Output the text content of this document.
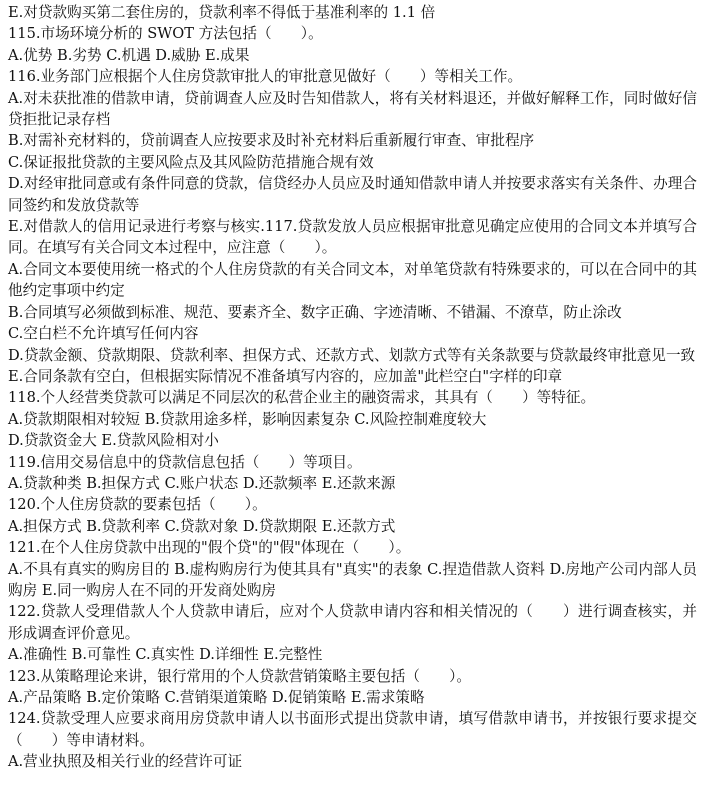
E.对贷款购买第二套住房的，贷款利率不得低于基准利率的 1.1 倍

115.市场环境分析的 SWOT 方法包括（　　）。

A.优势 B.劣势 C.机遇 D.威胁 E.成果

116.业务部门应根据个人住房贷款审批人的审批意见做好（　　）等相关工作。

A.对未获批准的借款申请，贷前调查人应及时告知借款人，将有关材料退还，并做好解释工作，同时做好信贷拒批记录存档

B.对需补充材料的，贷前调查人应按要求及时补充材料后重新履行审查、审批程序

C.保证报批贷款的主要风险点及其风险防范措施合规有效

D.对经审批同意或有条件同意的贷款，信贷经办人员应及时通知借款申请人并按要求落实有关条件、办理合同签约和发放贷款等

E.对借款人的信用记录进行考察与核实.117.贷款发放人员应根据审批意见确定应使用的合同文本并填写合同。在填写有关合同文本过程中，应注意（　　）。

A.合同文本要使用统一格式的个人住房贷款的有关合同文本，对单笔贷款有特殊要求的，可以在合同中的其他约定事项中约定

B.合同填写必须做到标准、规范、要素齐全、数字正确、字迹清晰、不错漏、不潦草，防止涂改

C.空白栏不允许填写任何内容

D.贷款金额、贷款期限、贷款利率、担保方式、还款方式、划款方式等有关条款要与贷款最终审批意见一致

E.合同条款有空白，但根据实际情况不准备填写内容的，应加盖"此栏空白"字样的印章

118.个人经营类贷款可以满足不同层次的私营企业主的融资需求，其具有（　　）等特征。

A.贷款期限相对较短 B.贷款用途多样，影响因素复杂 C.风险控制难度较大

D.贷款资金大 E.贷款风险相对小

119.信用交易信息中的贷款信息包括（　　）等项目。

A.贷款种类 B.担保方式 C.账户状态 D.还款频率 E.还款来源

120.个人住房贷款的要素包括（　　）。

A.担保方式 B.贷款利率 C.贷款对象 D.贷款期限 E.还款方式

121.在个人住房贷款中出现的"假个贷"的"假"体现在（　　）。

A.不具有真实的购房目的 B.虚构购房行为使其具有"真实"的表象 C.捏造借款人资料 D.房地产公司内部人员购房 E.同一购房人在不同的开发商处购房

122.贷款人受理借款人个人贷款申请后，应对个人贷款申请内容和相关情况的（　　）进行调查核实，并形成调查评价意见。

A.准确性 B.可靠性 C.真实性 D.详细性 E.完整性

123.从策略理论来讲，银行常用的个人贷款营销策略主要包括（　　）。

A.产品策略 B.定价策略 C.营销渠道策略 D.促销策略 E.需求策略

124.贷款受理人应要求商用房贷款申请人以书面形式提出贷款申请，填写借款申请书，并按银行要求提交（　　）等申请材料。

A.营业执照及相关行业的经营许可证
